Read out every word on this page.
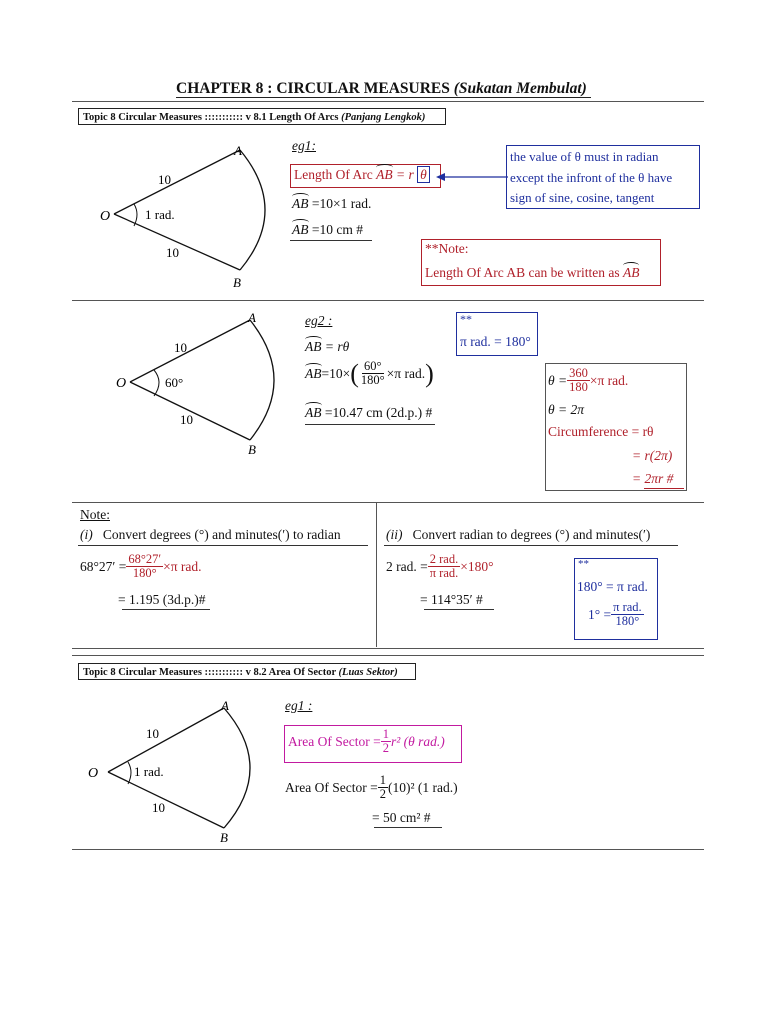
CHAPTER 8 : CIRCULAR MEASURES (Sukatan Membulat)
Topic 8 Circular Measures ::::::::::: v 8.1 Length Of Arcs (Panjang Lengkok)
O
A
B
10
10
1 rad.
eg1:
Length Of Arc AB = r θ
AB =10×1 rad.
AB =10 cm #
the value of θ must in radian
except the infront of the θ have
sign of sine, cosine, tangent
**Note:
Length Of Arc AB can be written as AB
O
A
B
10
10
60°
eg2 :
AB = rθ
AB =10× ( $\frac{60^\circ}{180^\circ} \times\pi$ rad. )
AB =10.47 cm (2d.p.) #
**
π rad. = 180°
$\theta = \frac{360}{180} \times\pi$ rad.
θ = 2π
Circumference = rθ
= r(2π)
= 2πr #
Note:
(i) Convert degrees (°) and minutes(′) to radian
$68^\circ 27' = \frac{68^\circ 27'}{180^\circ} \times\pi$ rad.
= 1.195 (3d.p.)#
(ii) Convert radian to degrees (°) and minutes(′)
2 rad. = $\frac{\text{2 rad.}}{\text{π rad.}} \times 180^\circ$
= 114°35′ #
**
180° = π rad.
$1^\circ = \frac{\text{π rad.}}{180^\circ}$
Topic 8 Circular Measures ::::::::::: v 8.2 Area Of Sector (Luas Sektor)
O
A
B
10
10
1 rad.
eg1 :
Area Of Sector = $\frac{1}{2} r^2$ (θ rad.)
Area Of Sector = $\frac{1}{2} (10)^2$ (1 rad.)
= 50 cm² #
